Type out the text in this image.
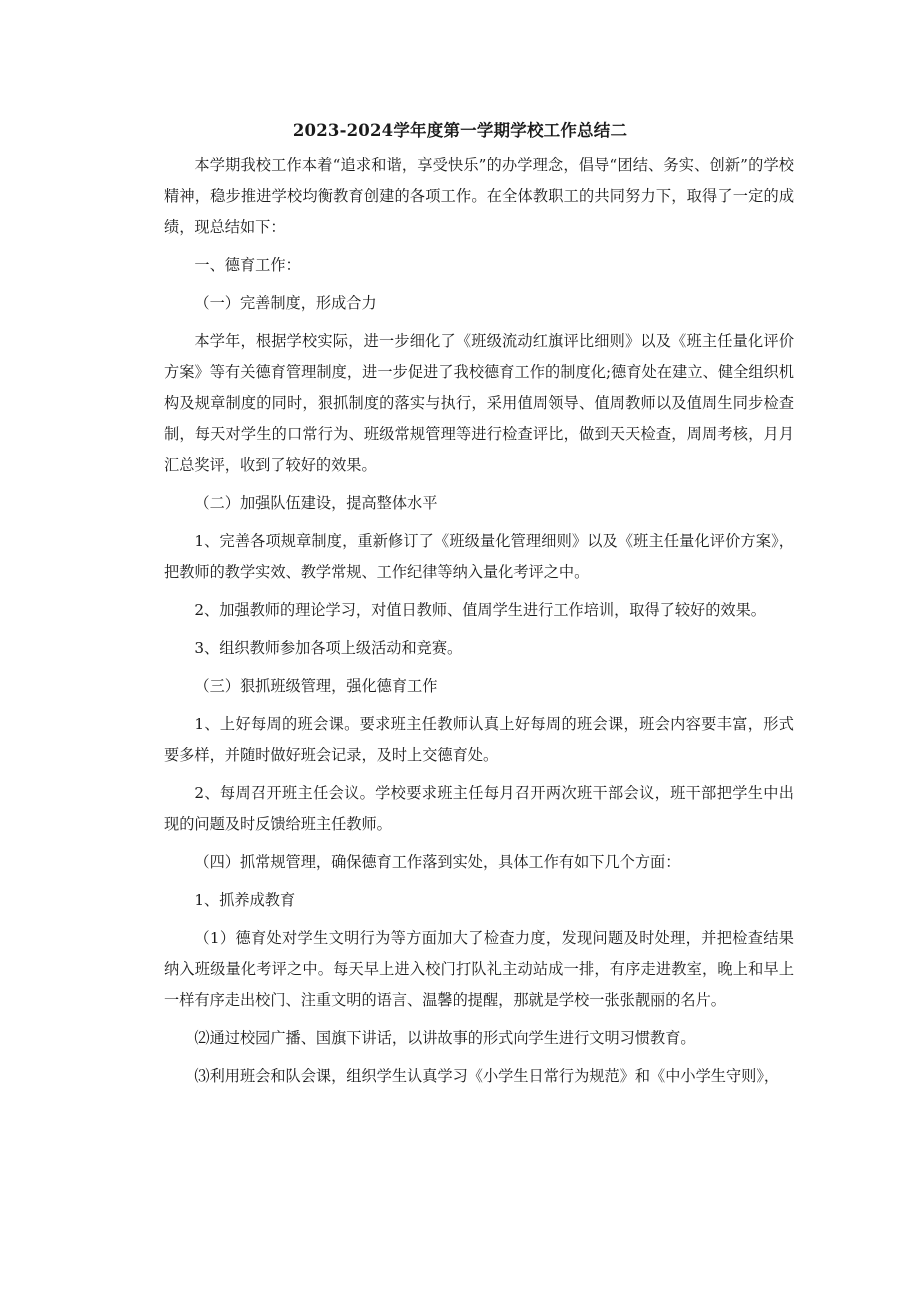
2023-2024学年度第一学期学校工作总结二

本学期我校工作本着“追求和谐，享受快乐”的办学理念，倡导“团结、务实、创新”的学校精神，稳步推进学校均衡教育创建的各项工作。在全体教职工的共同努力下，取得了一定的成绩，现总结如下：

一、德育工作：

（一）完善制度，形成合力

本学年，根据学校实际，进一步细化了《班级流动红旗评比细则》以及《班主任量化评价方案》等有关德育管理制度，进一步促进了我校德育工作的制度化;德育处在建立、健全组织机构及规章制度的同时，狠抓制度的落实与执行，采用值周领导、值周教师以及值周生同步检查制，每天对学生的口常行为、班级常规管理等进行检查评比，做到天天检查，周周考核，月月汇总奖评，收到了较好的效果。

（二）加强队伍建设，提高整体水平

1、完善各项规章制度，重新修订了《班级量化管理细则》以及《班主任量化评价方案》，把教师的教学实效、教学常规、工作纪律等纳入量化考评之中。

2、加强教师的理论学习，对值日教师、值周学生进行工作培训，取得了较好的效果。

3、组织教师参加各项上级活动和竞赛。

（三）狠抓班级管理，强化德育工作

1、上好每周的班会课。要求班主任教师认真上好每周的班会课，班会内容要丰富，形式要多样，并随时做好班会记录，及时上交德育处。

2、每周召开班主任会议。学校要求班主任每月召开两次班干部会议，班干部把学生中出现的问题及时反馈给班主任教师。

（四）抓常规管理，确保德育工作落到实处，具体工作有如下几个方面：

1、抓养成教育

（1）德育处对学生文明行为等方面加大了检查力度，发现问题及时处理，并把检查结果纳入班级量化考评之中。每天早上进入校门打队礼主动站成一排，有序走进教室，晚上和早上一样有序走出校门、注重文明的语言、温馨的提醒，那就是学校一张张靓丽的名片。

⑵通过校园广播、国旗下讲话，以讲故事的形式向学生进行文明习惯教育。

⑶利用班会和队会课，组织学生认真学习《小学生日常行为规范》和《中小学生守则》，
